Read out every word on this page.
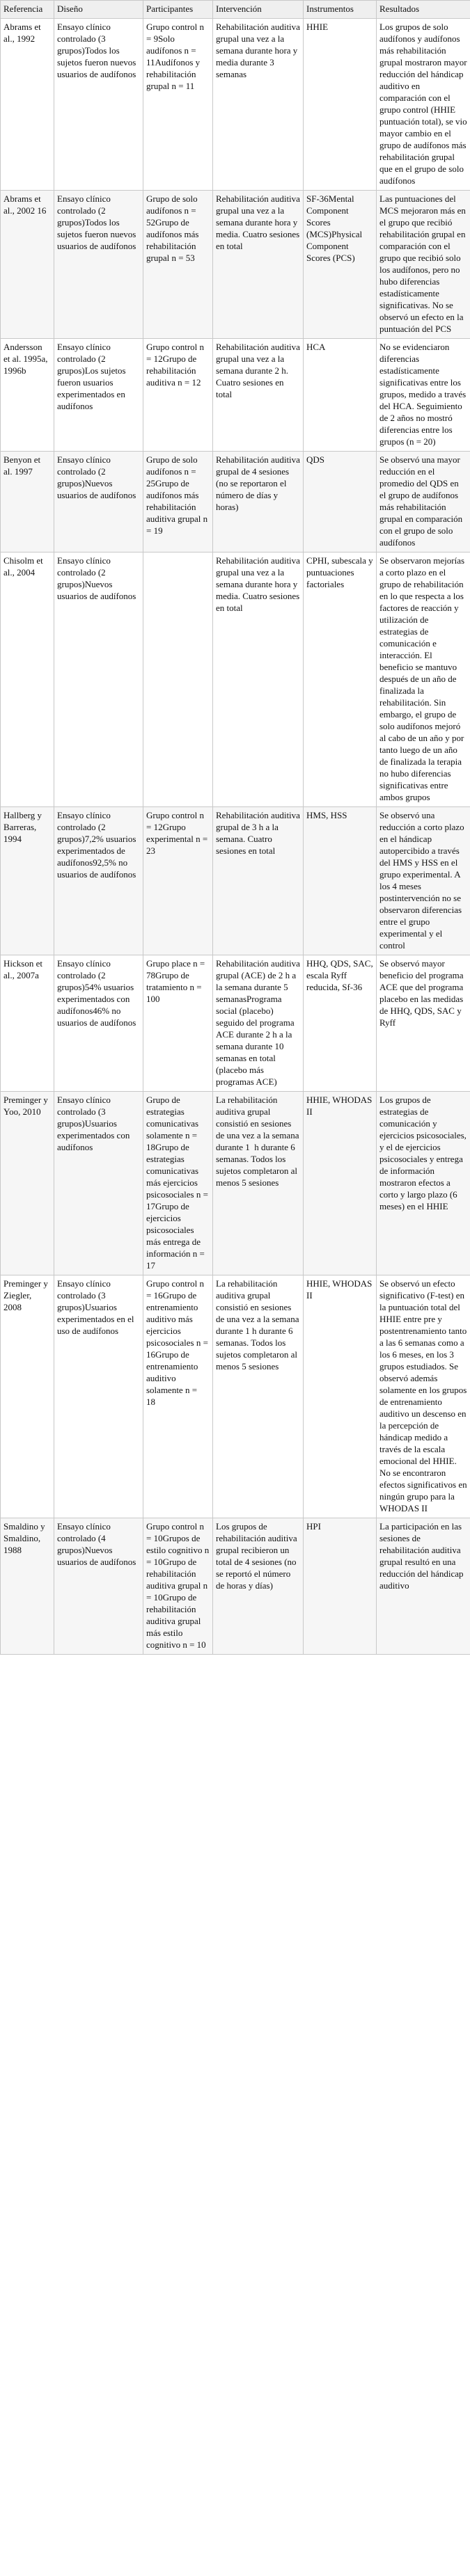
Referencia	Diseño	Participantes	Intervención	Instrumentos	Resultados
Abrams et al., 1992	Ensayo clínico controlado (3 grupos)Todos los sujetos fueron nuevos usuarios de audífonos	Grupo control n = 9Solo audífonos n = 11Audífonos y rehabilitación grupal n = 11	Rehabilitación auditiva grupal una vez a la semana durante hora y media durante 3 semanas	HHIE	Los grupos de solo audífonos y audífonos más rehabilitación grupal mostraron mayor reducción del hándicap auditivo en comparación con el grupo control (HHIE puntuación total), se vio mayor cambio en el grupo de audífonos más rehabilitación grupal que en el grupo de solo audífonos
Abrams et al., 2002 16	Ensayo clínico controlado (2 grupos)Todos los sujetos fueron nuevos usuarios de audífonos	Grupo de solo audífonos n = 52Grupo de audífonos más rehabilitación grupal n = 53	Rehabilitación auditiva grupal una vez a la semana durante hora y media. Cuatro sesiones en total	SF-36Mental Component Scores (MCS)Physical Component Scores (PCS)	Las puntuaciones del MCS mejoraron más en el grupo que recibió rehabilitación grupal en comparación con el grupo que recibió solo los audífonos, pero no hubo diferencias estadísticamente significativas. No se observó un efecto en la puntuación del PCS
Andersson et al. 1995a, 1996b	Ensayo clínico controlado (2 grupos)Los sujetos fueron usuarios experimentados en audífonos	Grupo control n = 12Grupo de rehabilitación auditiva n = 12	Rehabilitación auditiva grupal una vez a la semana durante 2 h. Cuatro sesiones en total	HCA	No se evidenciaron diferencias estadísticamente significativas entre los grupos, medido a través del HCA. Seguimiento de 2 años no mostró diferencias entre los grupos (n = 20)
Benyon et al. 1997	Ensayo clínico controlado (2 grupos)Nuevos usuarios de audífonos	Grupo de solo audífonos n = 25Grupo de audífonos más rehabilitación auditiva grupal n = 19	Rehabilitación auditiva grupal de 4 sesiones (no se reportaron el número de días y horas)	QDS	Se observó una mayor reducción en el promedio del QDS en el grupo de audífonos más rehabilitación grupal en comparación con el grupo de solo audífonos
Chisolm et al., 2004	Ensayo clínico controlado (2 grupos)Nuevos usuarios de audífonos		Rehabilitación auditiva grupal una vez a la semana durante hora y media. Cuatro sesiones en total	CPHI, subescala y puntuaciones factoriales	Se observaron mejorías a corto plazo en el grupo de rehabilitación en lo que respecta a los factores de reacción y utilización de estrategias de comunicación e interacción. El beneficio se mantuvo después de un año de finalizada la rehabilitación. Sin embargo, el grupo de solo audífonos mejoró al cabo de un año y por tanto luego de un año de finalizada la terapia no hubo diferencias significativas entre ambos grupos
Hallberg y Barreras, 1994	Ensayo clínico controlado (2 grupos)7,2% usuarios experimentados de audífonos92,5% no usuarios de audífonos	Grupo control n = 12Grupo experimental n = 23	Rehabilitación auditiva grupal de 3 h a la semana. Cuatro sesiones en total	HMS, HSS	Se observó una reducción a corto plazo en el hándicap autopercibido a través del HMS y HSS en el grupo experimental. A los 4 meses postintervención no se observaron diferencias entre el grupo experimental y el control
Hickson et al., 2007a	Ensayo clínico controlado (2 grupos)54% usuarios experimentados con audífonos46% no usuarios de audífonos	Grupo place n = 78Grupo de tratamiento n = 100	Rehabilitación auditiva grupal (ACE) de 2 h a la semana durante 5 semanasPrograma social (placebo) seguido del programa ACE durante 2 h a la semana durante 10 semanas en total (placebo más programas ACE)	HHQ, QDS, SAC, escala Ryff reducida, Sf-36	Se observó mayor beneficio del programa ACE que del programa placebo en las medidas de HHQ, QDS, SAC y Ryff
Preminger y Yoo, 2010	Ensayo clínico controlado (3 grupos)Usuarios experimentados con audífonos	Grupo de estrategias comunicativas solamente n = 18Grupo de estrategias comunicativas más ejercicios psicosociales n = 17Grupo de ejercicios psicosociales más entrega de información n = 17	La rehabilitación auditiva grupal consistió en sesiones de una vez a la semana durante 1  h durante 6 semanas. Todos los sujetos completaron al menos 5 sesiones	HHIE, WHODAS II	Los grupos de estrategias de comunicación y ejercicios psicosociales, y el de ejercicios psicosociales y entrega de información mostraron efectos a corto y largo plazo (6 meses) en el HHIE
Preminger y Ziegler, 2008	Ensayo clínico controlado (3 grupos)Usuarios experimentados en el uso de audífonos	Grupo control n = 16Grupo de entrenamiento auditivo más ejercicios psicosociales n = 16Grupo de entrenamiento auditivo solamente n =  18	La rehabilitación auditiva grupal consistió en sesiones de una vez a la semana durante 1 h durante 6 semanas. Todos los sujetos completaron al menos 5 sesiones	HHIE, WHODAS II	Se observó un efecto significativo (F-test) en la puntuación total del HHIE entre pre y postentrenamiento tanto a las 6 semanas como a los 6 meses, en los 3 grupos estudiados. Se observó además solamente en los grupos de entrenamiento auditivo un descenso en la percepción de hándicap medido a través de la escala emocional del HHIE. No se encontraron efectos significativos en ningún grupo para la WHODAS II
Smaldino y Smaldino, 1988	Ensayo clínico controlado (4 grupos)Nuevos usuarios de audífonos	Grupo control n = 10Grupos de estilo cognitivo n = 10Grupo de rehabilitación auditiva grupal n = 10Grupo de rehabilitación auditiva grupal más estilo cognitivo n = 10	Los grupos de rehabilitación auditiva grupal recibieron un total de 4 sesiones (no se reportó el número de horas y días)	HPI	La participación en las sesiones de rehabilitación auditiva grupal resultó en una reducción del hándicap auditivo
